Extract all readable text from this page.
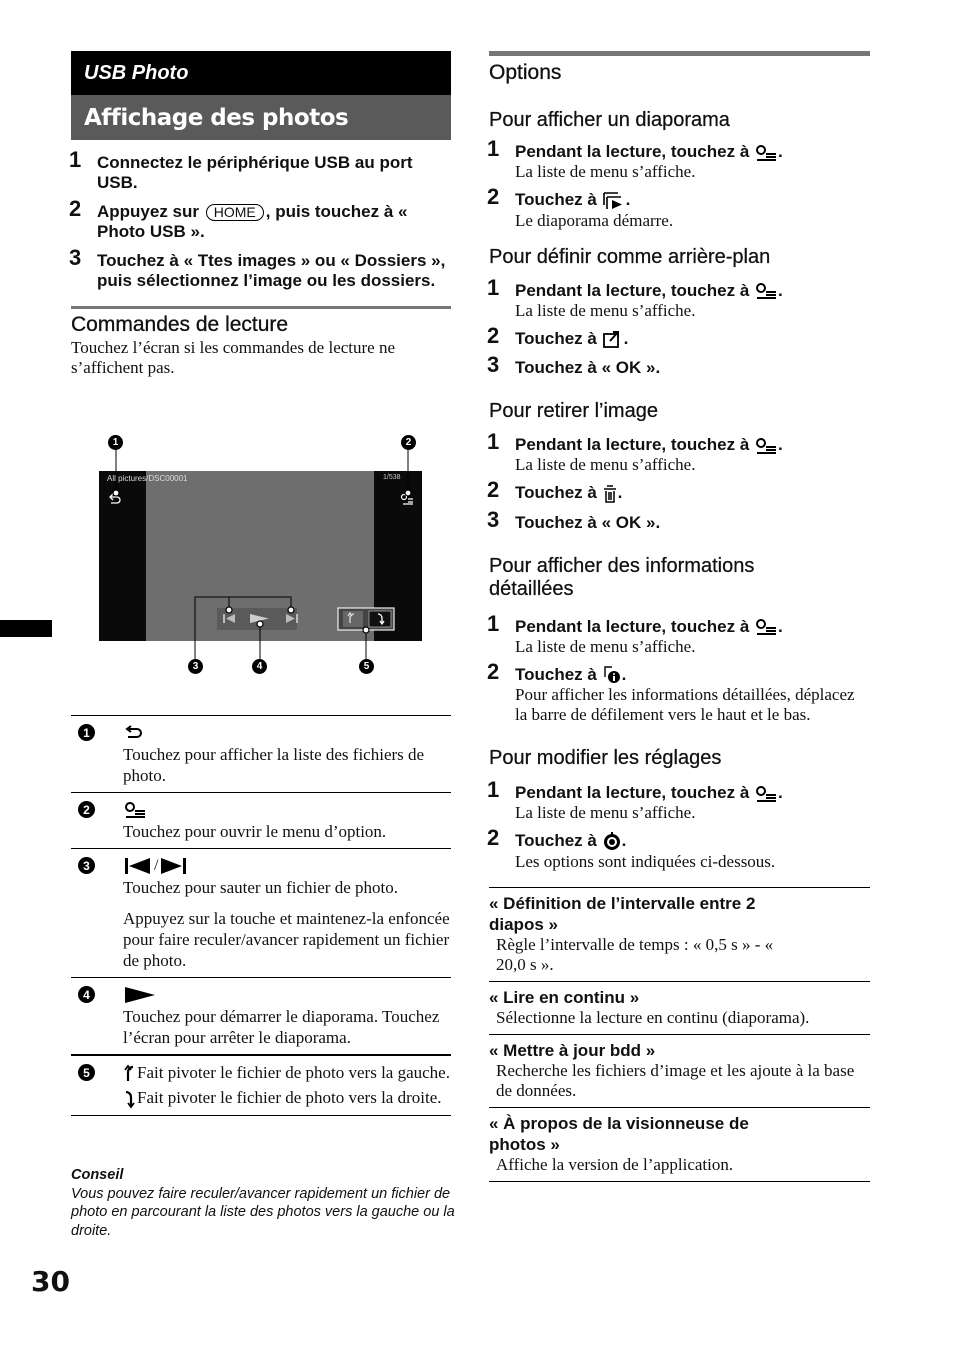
USB Photo
Affichage des photos
1 Connectez le périphérique USB au port USB.
2 Appuyez sur HOME , puis touchez à « Photo USB ».
3 Touchez à « Ttes images » ou « Dossiers », puis sélectionnez l’image ou les dossiers.
Commandes de lecture
Touchez l’écran si les commandes de lecture ne s’affichent pas.
All pictures/DSC00001	1/538
1	2
3	4	5
1

Touchez pour afficher la liste des fichiers de photo.

2

Touchez pour ouvrir le menu d’option.

3	/

Touchez pour sauter un fichier de photo.

Appuyez sur la touche et maintenez-la enfoncée pour faire reculer/avancer rapidement un fichier de photo.

4

Touchez pour démarrer le diaporama. Touchez l’écran pour arrêter le diaporama.

5	Fait pivoter le fichier de photo vers la gauche.

Fait pivoter le fichier de photo vers la droite.

Conseil
Vous pouvez faire reculer/avancer rapidement un fichier de photo en parcourant la liste des photos vers la gauche ou la droite.
30
Options
Pour afficher un diaporama
1 Pendant la lecture, touchez à .
La liste de menu s’affiche.
2 Touchez à .
Le diaporama démarre.
Pour définir comme arrière-plan
1 Pendant la lecture, touchez à .
La liste de menu s’affiche.
2 Touchez à .
3 Touchez à « OK ».
Pour retirer l’image
1 Pendant la lecture, touchez à .
La liste de menu s’affiche.
2 Touchez à .
3 Touchez à « OK ».
Pour afficher des informations détaillées
1 Pendant la lecture, touchez à .
La liste de menu s’affiche.
2 Touchez à .
Pour afficher les informations détaillées, déplacez la barre de défilement vers le haut et le bas.
Pour modifier les réglages
1 Pendant la lecture, touchez à .
La liste de menu s’affiche.
2 Touchez à .
Les options sont indiquées ci-dessous.
« Définition de l’intervalle entre 2 diapos »
Règle l’intervalle de temps : « 0,5 s » - « 20,0 s ».
« Lire en continu »
Sélectionne la lecture en continu (diaporama).
« Mettre à jour bdd »
Recherche les fichiers d’image et les ajoute à la base de données.
« À propos de la visionneuse de photos »
Affiche la version de l’application.
